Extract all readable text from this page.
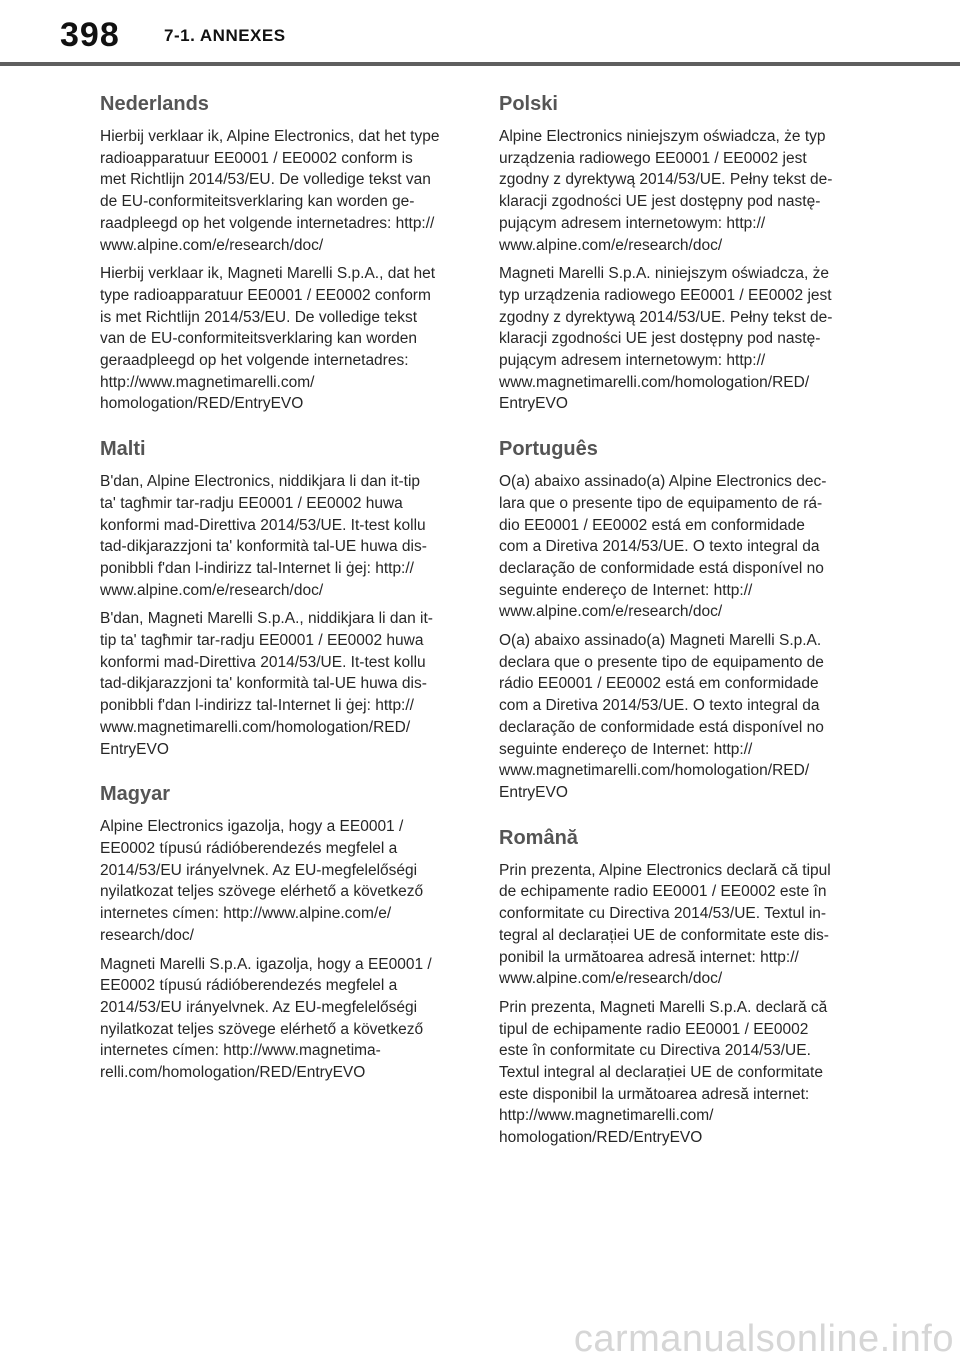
398	7-1. ANNEXES
Nederlands

Hierbij verklaar ik, Alpine Electronics, dat het type
radioapparatuur EE0001 / EE0002 conform is
met Richtlijn 2014/53/EU. De volledige tekst van
de EU-conformiteitsverklaring kan worden ge-
raadpleegd op het volgende internetadres: http://
www.alpine.com/e/research/doc/

Hierbij verklaar ik, Magneti Marelli S.p.A., dat het
type radioapparatuur EE0001 / EE0002 conform
is met Richtlijn 2014/53/EU. De volledige tekst
van de EU-conformiteitsverklaring kan worden
geraadpleegd op het volgende internetadres:
http://www.magnetimarelli.com/
homologation/RED/EntryEVO

Malti

B'dan, Alpine Electronics, niddikjara li dan it-tip
ta' tagħmir tar-radju EE0001 / EE0002 huwa
konformi mad-Direttiva 2014/53/UE. It-test kollu
tad-dikjarazzjoni ta' konformità tal-UE huwa dis-
ponibbli f'dan l-indirizz tal-Internet li ġej: http://
www.alpine.com/e/research/doc/

B'dan, Magneti Marelli S.p.A., niddikjara li dan it-
tip ta' tagħmir tar-radju EE0001 / EE0002 huwa
konformi mad-Direttiva 2014/53/UE. It-test kollu
tad-dikjarazzjoni ta' konformità tal-UE huwa dis-
ponibbli f'dan l-indirizz tal-Internet li ġej: http://
www.magnetimarelli.com/homologation/RED/
EntryEVO

Magyar

Alpine Electronics igazolja, hogy a EE0001 /
EE0002 típusú rádióberendezés megfelel a
2014/53/EU irányelvnek. Az EU-megfelelőségi
nyilatkozat teljes szövege elérhető a következő
internetes címen: http://www.alpine.com/e/
research/doc/

Magneti Marelli S.p.A. igazolja, hogy a EE0001 /
EE0002 típusú rádióberendezés megfelel a
2014/53/EU irányelvnek. Az EU-megfelelőségi
nyilatkozat teljes szövege elérhető a következő
internetes címen: http://www.magnetima-
relli.com/homologation/RED/EntryEVO

Polski

Alpine Electronics niniejszym oświadcza, że typ
urządzenia radiowego EE0001 / EE0002 jest
zgodny z dyrektywą 2014/53/UE. Pełny tekst de-
klaracji zgodności UE jest dostępny pod nastę-
pującym adresem internetowym: http://
www.alpine.com/e/research/doc/

Magneti Marelli S.p.A. niniejszym oświadcza, że
typ urządzenia radiowego EE0001 / EE0002 jest
zgodny z dyrektywą 2014/53/UE. Pełny tekst de-
klaracji zgodności UE jest dostępny pod nastę-
pującym adresem internetowym: http://
www.magnetimarelli.com/homologation/RED/
EntryEVO

Português

O(a) abaixo assinado(a) Alpine Electronics dec-
lara que o presente tipo de equipamento de rá-
dio EE0001 / EE0002 está em conformidade
com a Diretiva 2014/53/UE. O texto integral da
declaração de conformidade está disponível no
seguinte endereço de Internet: http://
www.alpine.com/e/research/doc/

O(a) abaixo assinado(a) Magneti Marelli S.p.A.
declara que o presente tipo de equipamento de
rádio EE0001 / EE0002 está em conformidade
com a Diretiva 2014/53/UE. O texto integral da
declaração de conformidade está disponível no
seguinte endereço de Internet: http://
www.magnetimarelli.com/homologation/RED/
EntryEVO

Română

Prin prezenta, Alpine Electronics declară că tipul
de echipamente radio EE0001 / EE0002 este în
conformitate cu Directiva 2014/53/UE. Textul in-
tegral al declarației UE de conformitate este dis-
ponibil la următoarea adresă internet: http://
www.alpine.com/e/research/doc/

Prin prezenta, Magneti Marelli S.p.A. declară că
tipul de echipamente radio EE0001 / EE0002
este în conformitate cu Directiva 2014/53/UE.
Textul integral al declarației UE de conformitate
este disponibil la următoarea adresă internet:
http://www.magnetimarelli.com/
homologation/RED/EntryEVO

carmanualsonline.info
